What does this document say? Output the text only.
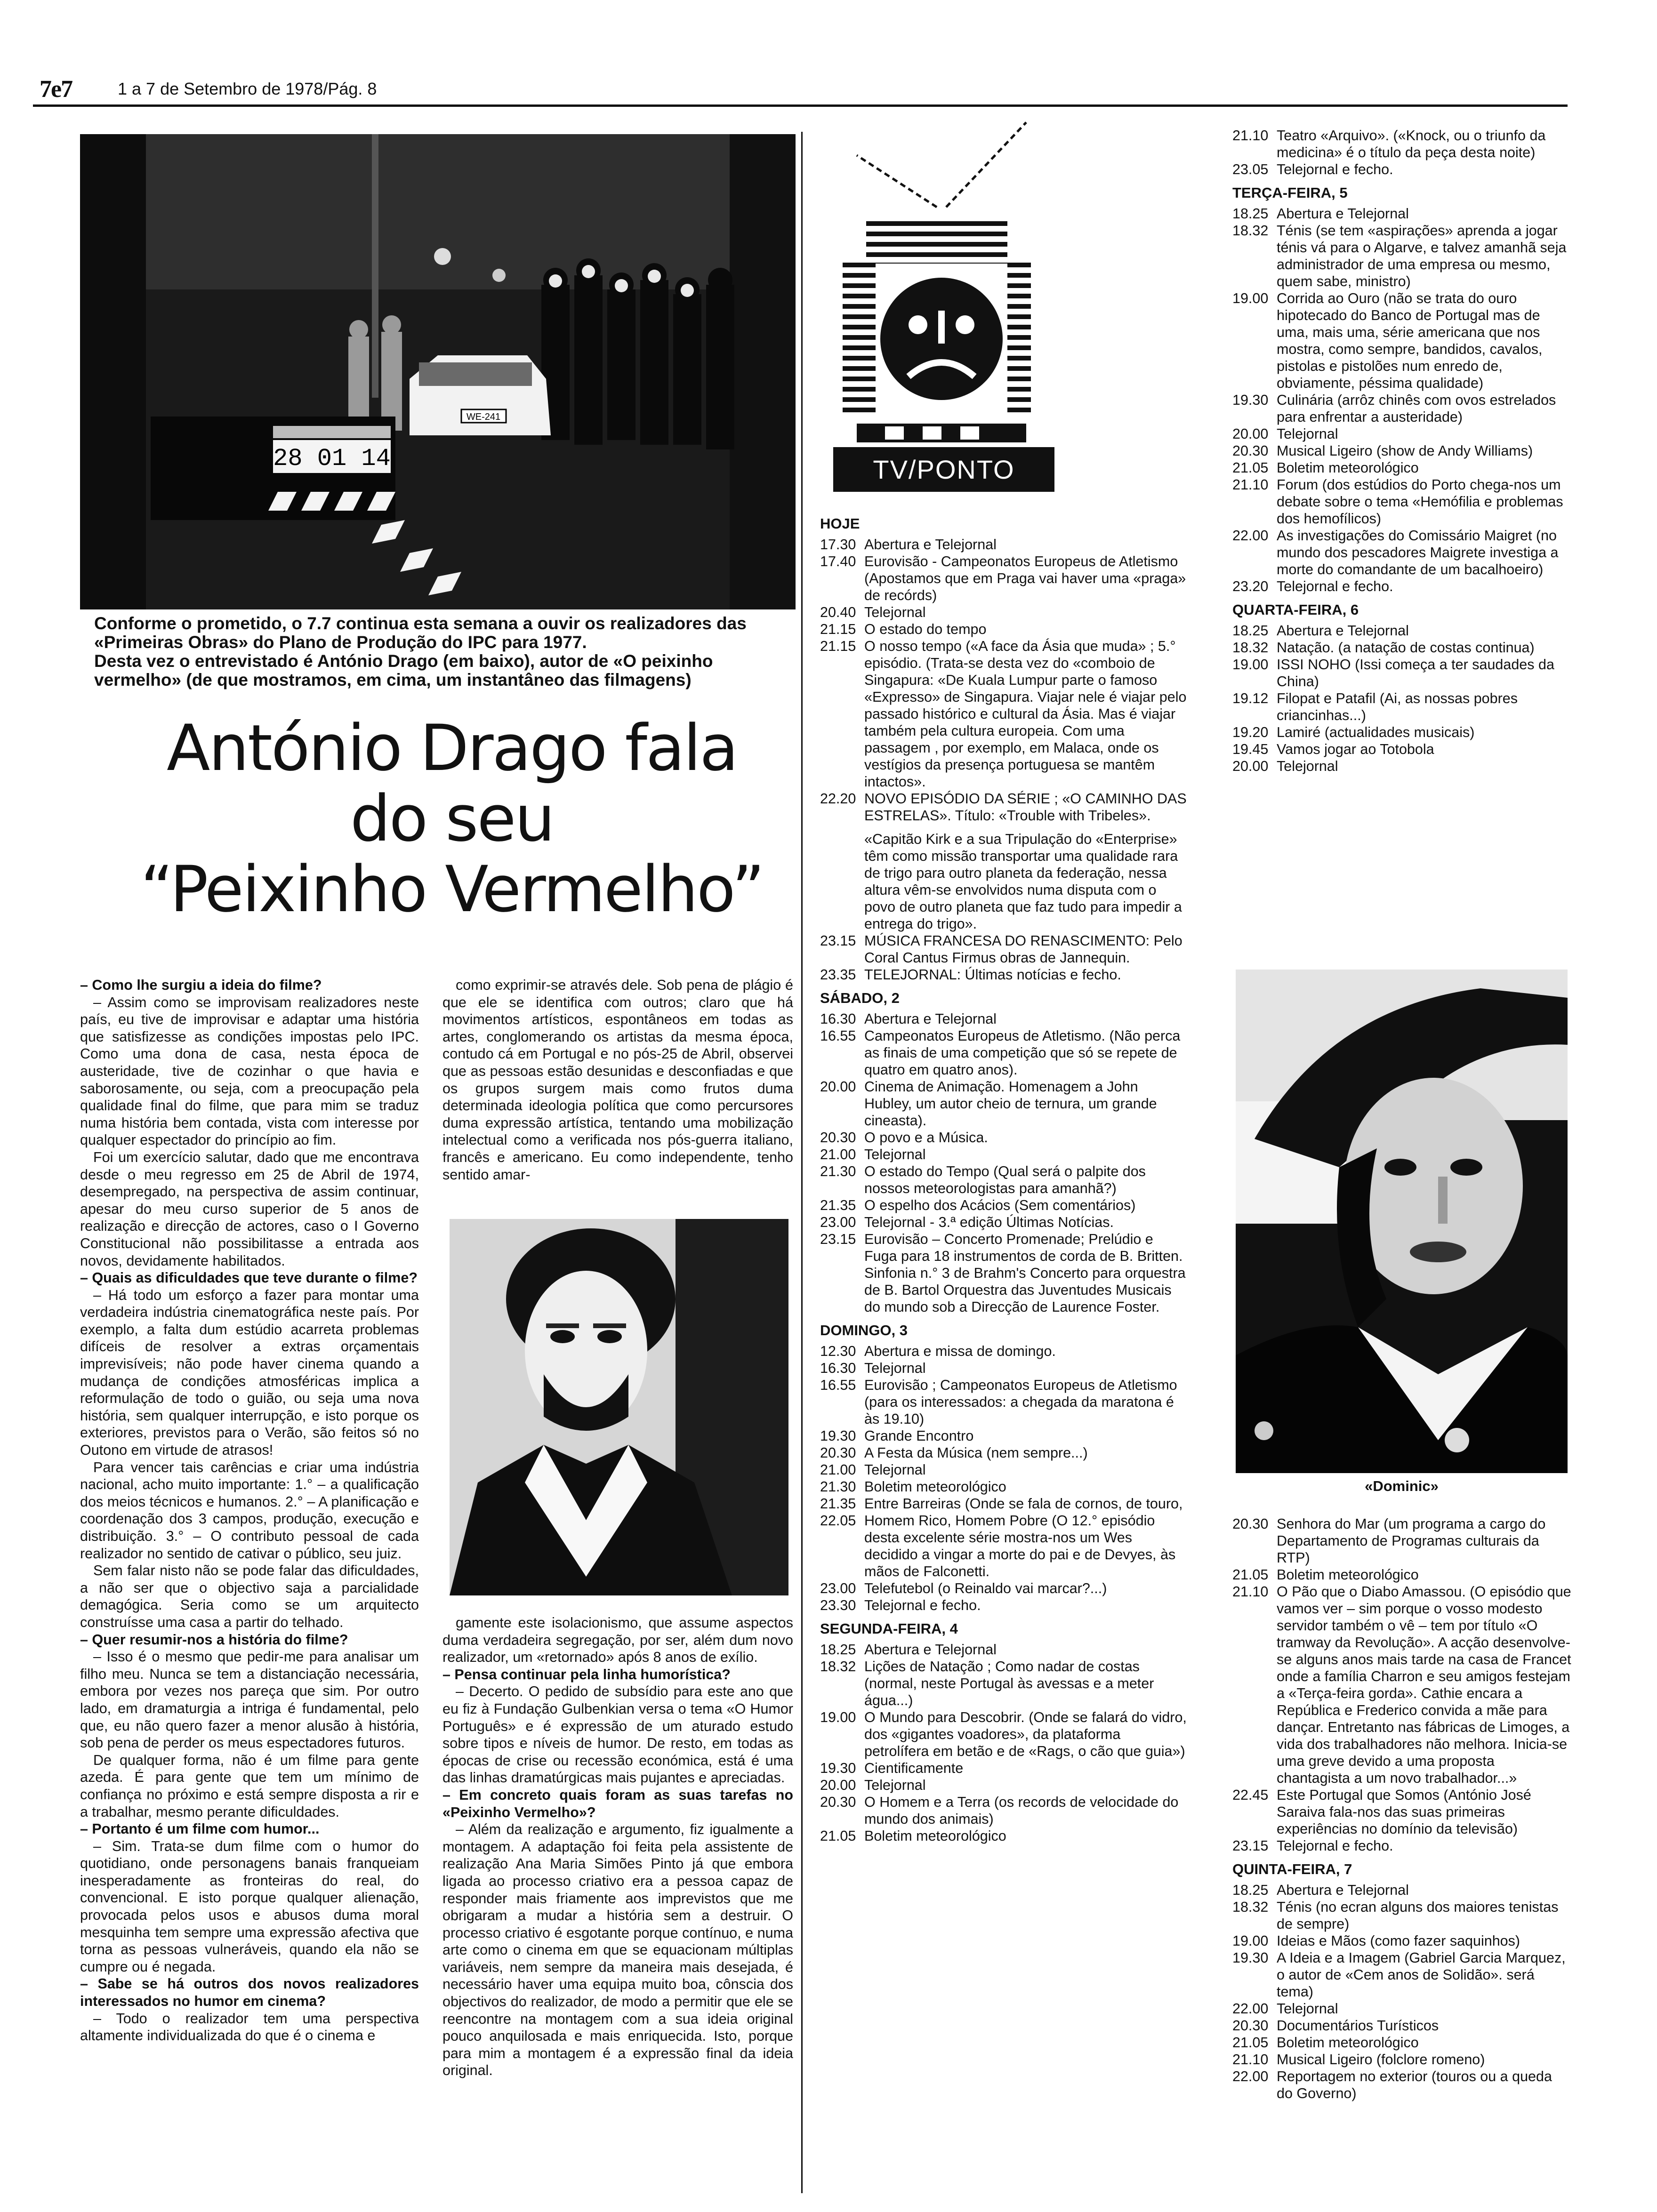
7e7	1 a 7 de Setembro de 1978/Pág. 8
WE-241
28 01 14

Conforme o prometido, o 7.7 continua esta semana a ouvir os realizadores das «Primeiras Obras» do Plano de Produção do IPC para 1977.

Desta vez o entrevistado é António Drago (em baixo), autor de «O peixinho vermelho» (de que mostramos, em cima, um instantâneo das filmagens)

António Drago fala
do seu
“Peixinho Vermelho”

– Como lhe surgiu a ideia do filme?

– Assim como se improvisam realizadores neste país, eu tive de improvisar e adaptar uma história que satisfizesse as condições impostas pelo IPC. Como uma dona de casa, nesta época de austeridade, tive de cozinhar o que havia e saborosamente, ou seja, com a preocupação pela qualidade final do filme, que para mim se traduz numa história bem contada, vista com interesse por qualquer espectador do princípio ao fim.

Foi um exercício salutar, dado que me encontrava desde o meu regresso em 25 de Abril de 1974, desempregado, na perspectiva de assim continuar, apesar do meu curso superior de 5 anos de realização e direcção de actores, caso o I Governo Constitucional não possibilitasse a entrada aos novos, devidamente habilitados.

– Quais as dificuldades que teve durante o filme?

– Há todo um esforço a fazer para montar uma verdadeira indústria cinematográfica neste país. Por exemplo, a falta dum estúdio acarreta problemas difíceis de resolver a extras orçamentais imprevisíveis; não pode haver cinema quando a mudança de condições atmosféricas implica a reformulação de todo o guião, ou seja uma nova história, sem qualquer interrupção, e isto porque os exteriores, previstos para o Verão, são feitos só no Outono em virtude de atrasos!

Para vencer tais carências e criar uma indústria nacional, acho muito importante: 1.° – a qualificação dos meios técnicos e humanos. 2.° – A planificação e coordenação dos 3 campos, produção, execução e distribuição. 3.° – O contributo pessoal de cada realizador no sentido de cativar o público, seu juiz.

Sem falar nisto não se pode falar das dificuldades, a não ser que o objectivo saja a parcialidade demagógica. Seria como se um arquitecto construísse uma casa a partir do telhado.

– Quer resumir-nos a história do filme?

– Isso é o mesmo que pedir-me para analisar um filho meu. Nunca se tem a distanciação necessária, embora por vezes nos pareça que sim. Por outro lado, em dramaturgia a intriga é fundamental, pelo que, eu não quero fazer a menor alusão à história, sob pena de perder os meus espectadores futuros.

De qualquer forma, não é um filme para gente azeda. É para gente que tem um mínimo de confiança no próximo e está sempre disposta a rir e a trabalhar, mesmo perante dificuldades.

– Portanto é um filme com humor...

– Sim. Trata-se dum filme com o humor do quotidiano, onde personagens banais franqueiam inesperadamente as fronteiras do real, do convencional. E isto porque qualquer alienação, provocada pelos usos e abusos duma moral mesquinha tem sempre uma expressão afectiva que torna as pessoas vulneráveis, quando ela não se cumpre ou é negada.

– Sabe se há outros dos novos realizadores interessados no humor em cinema?

– Todo o realizador tem uma perspectiva altamente individualizada do que é o cinema e

como exprimir-se através dele. Sob pena de plágio é que ele se identifica com outros; claro que há movimentos artísticos, espontâneos em todas as artes, conglomerando os artistas da mesma época, contudo cá em Portugal e no pós-25 de Abril, observei que as pessoas estão desunidas e desconfiadas e que os grupos surgem mais como frutos duma determinada ideologia política que como percursores duma expressão artística, tentando uma mobilização intelectual como a verificada nos pós-guerra italiano, francês e americano. Eu como independente, tenho sentido amar-

gamente este isolacionismo, que assume aspectos duma verdadeira segregação, por ser, além dum novo realizador, um «retornado» após 8 anos de exílio.

– Pensa continuar pela linha humorística?

– Decerto. O pedido de subsídio para este ano que eu fiz à Fundação Gulbenkian versa o tema «O Humor Português» e é expressão de um aturado estudo sobre tipos e níveis de humor. De resto, em todas as épocas de crise ou recessão económica, está é uma das linhas dramatúrgicas mais pujantes e apreciadas.

– Em concreto quais foram as suas tarefas no «Peixinho Vermelho»?

– Além da realização e argumento, fiz igualmente a montagem. A adaptação foi feita pela assistente de realização Ana Maria Simões Pinto já que embora ligada ao processo criativo era a pessoa capaz de responder mais friamente aos imprevistos que me obrigaram a mudar a história sem a destruir. O processo criativo é esgotante porque contínuo, e numa arte como o cinema em que se equacionam múltiplas variáveis, nem sempre da maneira mais desejada, é necessário haver uma equipa muito boa, cônscia dos objectivos do realizador, de modo a permitir que ele se reencontre na montagem com a sua ideia original pouco anquilosada e mais enriquecida. Isto, porque para mim a montagem é a expressão final da ideia original.

TV/PONTO
HOJE
17.30 Abertura e Telejornal
17.40 Eurovisão - Campeonatos Europeus de Atletismo (Apostamos que em Praga vai haver uma «praga» de recórds)
20.40 Telejornal
21.15 O estado do tempo
21.15 O nosso tempo («A face da Ásia que muda» ; 5.° episódio. (Trata-se desta vez do «comboio de Singapura: «De Kuala Lumpur parte o famoso «Expresso» de Singapura. Viajar nele é viajar pelo passado histórico e cultural da Ásia. Mas é viajar também pela cultura europeia. Com uma passagem , por exemplo, em Malaca, onde os vestígios da presença portuguesa se mantêm intactos».
22.20 NOVO EPISÓDIO DA SÉRIE ; «O CAMINHO DAS ESTRELAS». Título: «Trouble with Tribeles».
«Capitão Kirk e a sua Tripulação do «Enterprise» têm como missão transportar uma qualidade rara de trigo para outro planeta da federação, nessa altura vêm-se envolvidos numa disputa com o povo de outro planeta que faz tudo para impedir a entrega do trigo».
23.15 MÚSICA FRANCESA DO RENASCIMENTO: Pelo Coral Cantus Firmus obras de Jannequin.
23.35 TELEJORNAL: Últimas notícias e fecho.
SÁBADO, 2
16.30 Abertura e Telejornal
16.55 Campeonatos Europeus de Atletismo. (Não perca as finais de uma competição que só se repete de quatro em quatro anos).
20.00 Cinema de Animação. Homenagem a John Hubley, um autor cheio de ternura, um grande cineasta).
20.30 O povo e a Música.
21.00 Telejornal
21.30 O estado do Tempo (Qual será o palpite dos nossos meteorologistas para amanhã?)
21.35 O espelho dos Acácios (Sem comentários)
23.00 Telejornal - 3.ª edição Últimas Notícias.
23.15 Eurovisão – Concerto Promenade; Prelúdio e Fuga para 18 instrumentos de corda de B. Britten. Sinfonia n.° 3 de Brahm's Concerto para orquestra de B. Bartol Orquestra das Juventudes Musicais do mundo sob a Direcção de Laurence Foster.
DOMINGO, 3
12.30 Abertura e missa de domingo.
16.30 Telejornal
16.55 Eurovisão ; Campeonatos Europeus de Atletismo (para os interessados: a chegada da maratona é às 19.10)
19.30 Grande Encontro
20.30 A Festa da Música (nem sempre...)
21.00 Telejornal
21.30 Boletim meteorológico
21.35 Entre Barreiras (Onde se fala de cornos, de touro,
22.05 Homem Rico, Homem Pobre (O 12.° episódio desta excelente série mostra-nos um Wes decidido a vingar a morte do pai e de Devyes, às mãos de Falconetti.
23.00 Telefutebol (o Reinaldo vai marcar?...)
23.30 Telejornal e fecho.
SEGUNDA-FEIRA, 4
18.25 Abertura e Telejornal
18.32 Lições de Natação ; Como nadar de costas (normal, neste Portugal às avessas e a meter água...)
19.00 O Mundo para Descobrir. (Onde se falará do vidro, dos «gigantes voadores», da plataforma petrolífera em betão e de «Rags, o cão que guia»)
19.30 Cientificamente
20.00 Telejornal
20.30 O Homem e a Terra (os records de velocidade do mundo dos animais)
21.05 Boletim meteorológico
21.10 Teatro «Arquivo». («Knock, ou o triunfo da medicina» é o título da peça desta noite)
23.05 Telejornal e fecho.
TERÇA-FEIRA, 5
18.25 Abertura e Telejornal
18.32 Ténis (se tem «aspirações» aprenda a jogar ténis vá para o Algarve, e talvez amanhã seja administrador de uma empresa ou mesmo, quem sabe, ministro)
19.00 Corrida ao Ouro (não se trata do ouro hipotecado do Banco de Portugal mas de uma, mais uma, série americana que nos mostra, como sempre, bandidos, cavalos, pistolas e pistolões num enredo de, obviamente, péssima qualidade)
19.30 Culinária (arrôz chinês com ovos estrelados para enfrentar a austeridade)
20.00 Telejornal
20.30 Musical Ligeiro (show de Andy Williams)
21.05 Boletim meteorológico
21.10 Forum (dos estúdios do Porto chega-nos um debate sobre o tema «Hemófilia e problemas dos hemofílicos)
22.00 As investigações do Comissário Maigret (no mundo dos pescadores Maigrete investiga a morte do comandante de um bacalhoeiro)
23.20 Telejornal e fecho.
QUARTA-FEIRA, 6
18.25 Abertura e Telejornal
18.32 Natação. (a natação de costas continua)
19.00 ISSI NOHO (Issi começa a ter saudades da China)
19.12 Filopat e Patafil (Ai, as nossas pobres criancinhas...)
19.20 Lamiré (actualidades musicais)
19.45 Vamos jogar ao Totobola
20.00 Telejornal
«Dominic»
20.30 Senhora do Mar (um programa a cargo do Departamento de Programas culturais da RTP)
21.05 Boletim meteorológico
21.10 O Pão que o Diabo Amassou. (O episódio que vamos ver – sim porque o vosso modesto servidor também o vê – tem por título «O tramway da Revolução». A acção desenvolve-se alguns anos mais tarde na casa de Francet onde a família Charron e seu amigos festejam a «Terça-feira gorda». Cathie encara a República e Frederico convida a mãe para dançar. Entretanto nas fábricas de Limoges, a vida dos trabalhadores não melhora. Inicia-se uma greve devido a uma proposta chantagista a um novo trabalhador...»
22.45 Este Portugal que Somos (António José Saraiva fala-nos das suas primeiras experiências no domínio da televisão)
23.15 Telejornal e fecho.
QUINTA-FEIRA, 7
18.25 Abertura e Telejornal
18.32 Ténis (no ecran alguns dos maiores tenistas de sempre)
19.00 Ideias e Mãos (como fazer saquinhos)
19.30 A Ideia e a Imagem (Gabriel Garcia Marquez, o autor de «Cem anos de Solidão». será tema)
22.00 Telejornal
20.30 Documentários Turísticos
21.05 Boletim meteorológico
21.10 Musical Ligeiro (folclore romeno)
22.00 Reportagem no exterior (touros ou a queda do Governo)
